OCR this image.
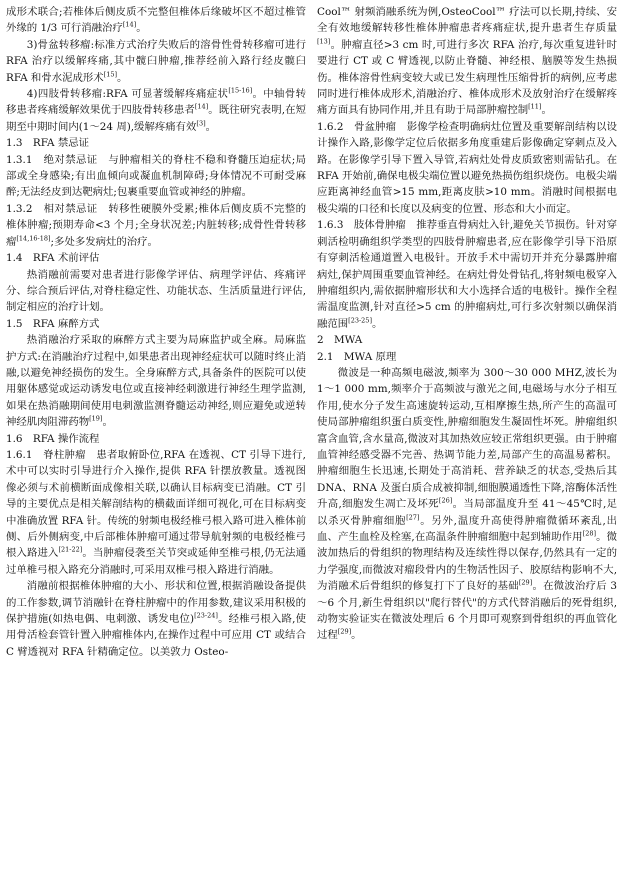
成形术联合;若椎体后侧皮质不完整但椎体后缘破坏区不超过椎管外缘的 1/3 可行消融治疗[14]。

3)骨盆转移瘤:标准方式治疗失败后的溶骨性骨转移瘤可进行 RFA 治疗以缓解疼痛,其中髋臼肿瘤,推荐经前入路行经皮髋臼 RFA 和骨水泥成形术[15]。

4)四肢骨转移瘤:RFA 可显著缓解疼痛症状[15-16]。中轴骨转移患者疼痛缓解效果优于四肢骨转移患者[14]。既往研究表明,在短期至中期时间内(1～24 周),缓解疼痛有效[3]。

1.3　RFA 禁忌证

1.3.1　绝对禁忌证　与肿瘤相关的脊柱不稳和脊髓压迫症状;局部或全身感染;有出血倾向或凝血机制障碍;身体情况不可耐受麻醉;无法经皮到达靶病灶;包裹重要血管或神经的肿瘤。

1.3.2　相对禁忌证　转移性硬膜外受累;椎体后侧皮质不完整的椎体肿瘤;预期寿命<3 个月;全身状况差;内脏转移;成骨性骨转移瘤[14,16-18];多处多发病灶的治疗。

1.4　RFA 术前评估

热消融前需要对患者进行影像学评估、病理学评估、疼痛评分、综合预后评估,对脊柱稳定性、功能状态、生活质量进行评估,制定相应的治疗计划。

1.5　RFA 麻醉方式

热消融治疗采取的麻醉方式主要为局麻监护或全麻。局麻监护方式:在消融治疗过程中,如果患者出现神经症状可以随时终止消融,以避免神经损伤的发生。全身麻醉方式,具备条件的医院可以使用躯体感觉或运动诱发电位或直接神经刺激进行神经生理学监测,如果在热消融期间使用电刺激监测脊髓运动神经,则应避免或逆转神经肌肉阻滞药物[19]。

1.6　RFA 操作流程

1.6.1　脊柱肿瘤　患者取俯卧位,RFA 在透视、CT 引导下进行,术中可以实时引导进行介入操作,提供 RFA 针摆放教量。透视图像必须与术前横断面成像相关联,以确认目标病变已消融。CT 引导的主要优点是相关解剖结构的横截面详细可视化,可在目标病变中准确放置 RFA 针。传统的射频电极经椎弓根入路可进入椎体前侧、后外侧病变,中后部椎体肿瘤可通过带导航射频的电极经椎弓根入路进入[21-22]。当肿瘤侵袭至关节突或延伸至椎弓根,仍无法通过单椎弓根入路充分消融时,可采用双椎弓根入路进行消融。

消融前根据椎体肿瘤的大小、形状和位置,根据消融设备提供的工作参数,调节消融针在脊柱肿瘤中的作用参数,建议采用积极的保护措施(如热电偶、电刺激、诱发电位)[23-24]。经椎弓根入路,使用骨活检套管针置入肿瘤椎体内,在操作过程中可应用 CT 或结合 C 臂透视对 RFA 针精确定位。以美敦力 Osteo-

Cool™ 射频消融系统为例,OsteoCool™ 疗法可以长期,持续、安全有效地缓解转移性椎体肿瘤患者疼痛症状,提升患者生存质量[13]。肿瘤直径>3 cm 时,可进行多次 RFA 治疗,每次重复进针时要进行 CT 或 C 臂透视,以防止脊髓、神经根、脑膜等发生热损伤。椎体溶骨性病变较大或已发生病理性压缩骨折的病例,应考虑同时进行椎体成形术,消融治疗、椎体成形术及放射治疗在缓解疼痛方面具有协同作用,并且有助于局部肿瘤控制[11]。

1.6.2　骨盆肿瘤　影像学检查明确病灶位置及重要解剖结构以设计操作入路,影像学定位后依据多角度重建后影像确定穿刺点及入路。在影像学引导下置入导管,若病灶处骨皮质致密则需钻孔。在 RFA 开始前,确保电极尖端位置以避免热损伤组织烧伤。电极尖端应距离神经血管>15 mm,距离皮肤>10 mm。消融时间根据电极尖端的口径和长度以及病变的位置、形态和大小而定。

1.6.3　肢体骨肿瘤　推荐垂直骨病灶入针,避免关节损伤。针对穿刺活检明确组织学类型的四肢骨肿瘤患者,应在影像学引导下沿原有穿刺活检通道置入电极针。开放手术中需切开并充分暴露肿瘤病灶,保护周围重要血管神经。在病灶骨处骨钻孔,将射频电极穿入肿瘤组织内,需依据肿瘤形状和大小选择合适的电极针。操作全程需温度监测,针对直径>5 cm 的肿瘤病灶,可行多次射频以确保消融范围[23-25]。

2　MWA

2.1　MWA 原理

微波是一种高频电磁波,频率为 300～30 000 MHZ,波长为 1～1 000 mm,频率介于高频波与激光之间,电磁场与水分子相互作用,使水分子发生高速旋转运动,互相摩擦生热,所产生的高温可使局部肿瘤组织蛋白质变性,肿瘤细胞发生凝固性坏死。肿瘤组织富含血管,含水量高,微波对其加热效应较正常组织更强。由于肿瘤血管神经感受器不完善、热调节能力差,局部产生的高温易蓄积。肿瘤细胞生长迅速,长期处于高消耗、营养缺乏的状态,受热后其 DNA、RNA 及蛋白质合成被抑制,细胞膜通透性下降,溶酶体活性升高,细胞发生凋亡及坏死[26]。当局部温度升至 41～45℃时,足以杀灭骨肿瘤细胞[27]。另外,温度升高使得肿瘤微循环紊乱,出血、产生血栓及栓塞,在高温条件肿瘤细胞中起到辅助作用[28]。微波加热后的骨组织的物理结构及连续性得以保存,仍然具有一定的力学强度,而微波对瘤段骨内的生物活性因子、胶原结构影响不大,为消融术后骨组织的修复打下了良好的基础[29]。在微波治疗后 3～6 个月,新生骨组织以"爬行替代"的方式代替消融后的死骨组织,动物实验证实在微波处理后 6 个月即可观察到骨组织的再血管化过程[29]。
